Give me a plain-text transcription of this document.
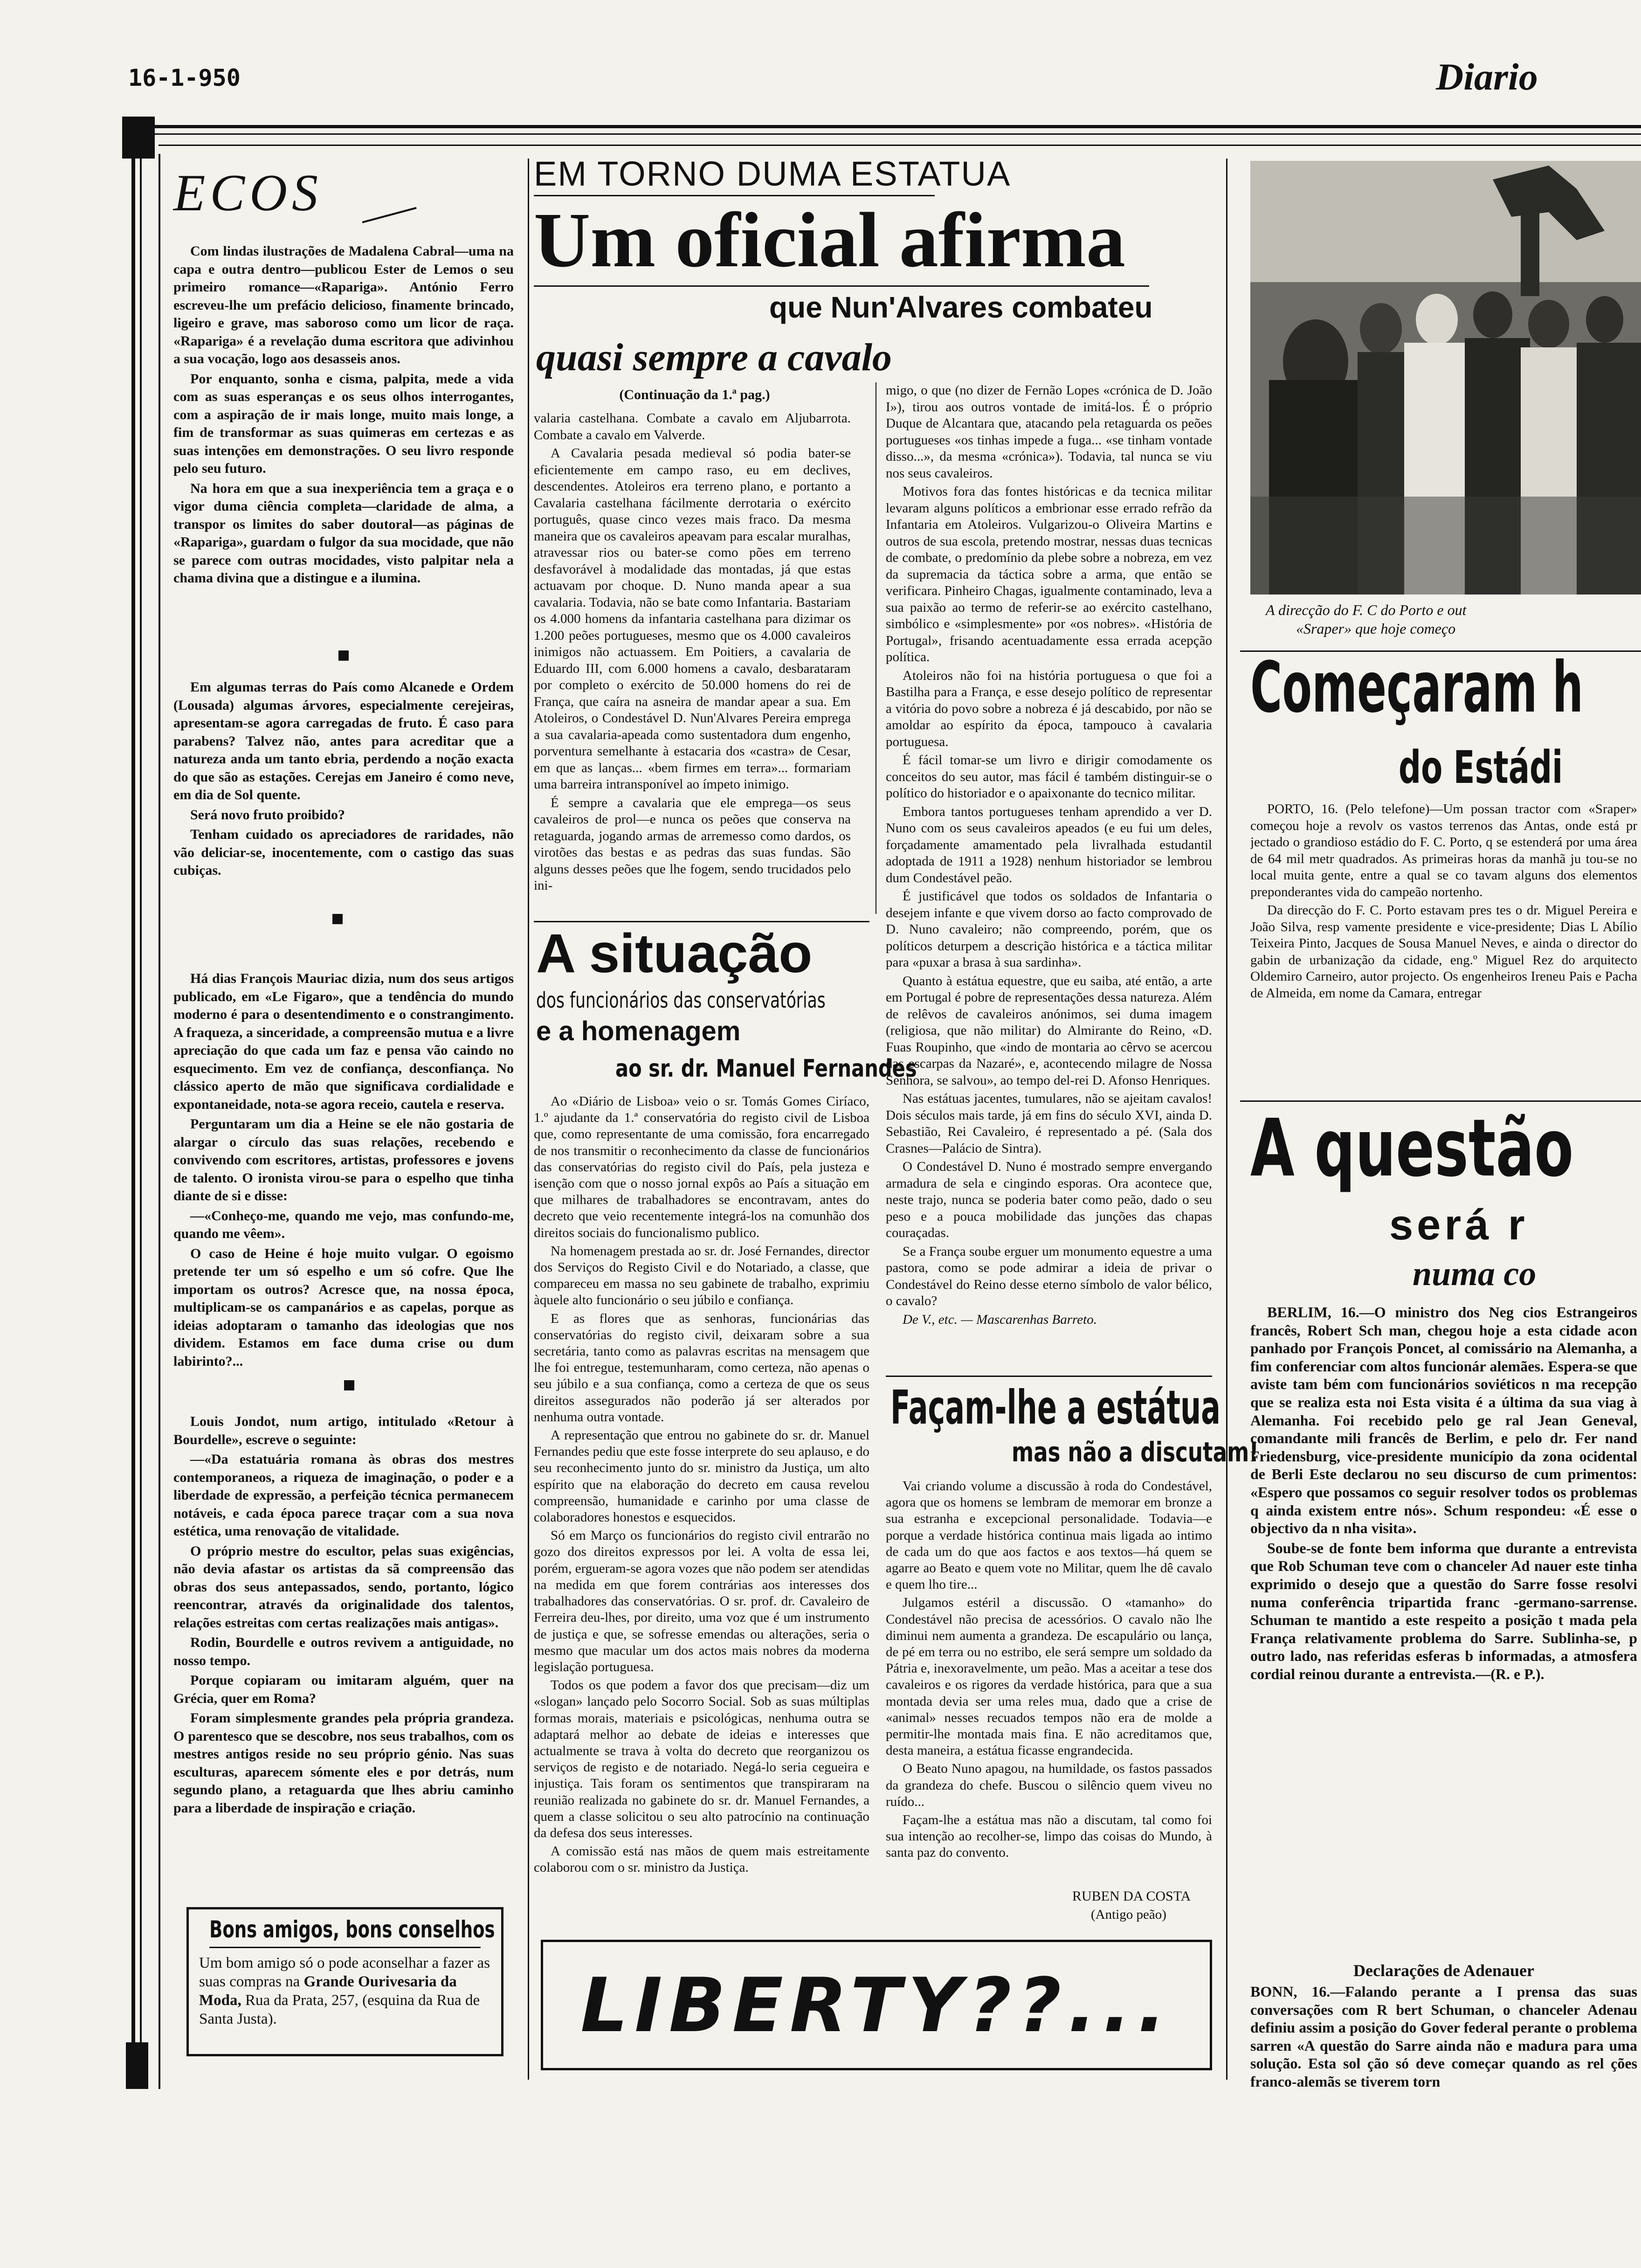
16-1-950	Diario
ECOS

Com lindas ilustrações de Madalena Cabral—uma na capa e outra dentro—publicou Ester de Lemos o seu primeiro romance—«Rapariga». António Ferro escreveu-lhe um prefácio delicioso, finamente brincado, ligeiro e grave, mas saboroso como um licor de raça. «Rapariga» é a revelação duma escritora que adivinhou a sua vocação, logo aos desasseis anos.

Por enquanto, sonha e cisma, palpita, mede a vida com as suas esperanças e os seus olhos interrogantes, com a aspiração de ir mais longe, muito mais longe, a fim de transformar as suas quimeras em certezas e as suas intenções em demonstrações. O seu livro responde pelo seu futuro.

Na hora em que a sua inexperiência tem a graça e o vigor duma ciência completa—claridade de alma, a transpor os limites do saber doutoral—as páginas de «Rapariga», guardam o fulgor da sua mocidade, que não se parece com outras mocidades, visto palpitar nela a chama divina que a distingue e a ilumina.

Em algumas terras do País como Alcanede e Ordem (Lousada) algumas árvores, especialmente cerejeiras, apresentam-se agora carregadas de fruto. É caso para parabens? Talvez não, antes para acreditar que a natureza anda um tanto ebria, perdendo a noção exacta do que são as estações. Cerejas em Janeiro é como neve, em dia de Sol quente.

Será novo fruto proibido?

Tenham cuidado os apreciadores de raridades, não vão deliciar-se, inocentemente, com o castigo das suas cubiças.

Há dias François Mauriac dizia, num dos seus artigos publicado, em «Le Figaro», que a tendência do mundo moderno é para o desentendimento e o constrangimento. A fraqueza, a sinceridade, a compreensão mutua e a livre apreciação do que cada um faz e pensa vão caindo no esquecimento. Em vez de confiança, desconfiança. No clássico aperto de mão que significava cordialidade e expontaneidade, nota-se agora receio, cautela e reserva.

Perguntaram um dia a Heine se ele não gostaria de alargar o círculo das suas relações, recebendo e convivendo com escritores, artistas, professores e jovens de talento. O ironista virou-se para o espelho que tinha diante de si e disse:

—«Conheço-me, quando me vejo, mas confundo-me, quando me vêem».

O caso de Heine é hoje muito vulgar. O egoismo pretende ter um só espelho e um só cofre. Que lhe importam os outros? Acresce que, na nossa época, multiplicam-se os campanários e as capelas, porque as ideias adoptaram o tamanho das ideologias que nos dividem. Estamos em face duma crise ou dum labirinto?...

Louis Jondot, num artigo, intitulado «Retour à Bourdelle», escreve o seguinte:

—«Da estatuária romana às obras dos mestres contemporaneos, a riqueza de imaginação, o poder e a liberdade de expressão, a perfeição técnica permanecem notáveis, e cada época parece traçar com a sua nova estética, uma renovação de vitalidade.

O próprio mestre do escultor, pelas suas exigências, não devia afastar os artistas da sã compreensão das obras dos seus antepassados, sendo, portanto, lógico reencontrar, através da originalidade dos talentos, relações estreitas com certas realizações mais antigas».

Rodin, Bourdelle e outros revivem a antiguidade, no nosso tempo.

Porque copiaram ou imitaram alguém, quer na Grécia, quer em Roma?

Foram simplesmente grandes pela própria grandeza. O parentesco que se descobre, nos seus trabalhos, com os mestres antigos reside no seu próprio génio. Nas suas esculturas, aparecem sómente eles e por detrás, num segundo plano, a retaguarda que lhes abriu caminho para a liberdade de inspiração e criação.

Bons amigos, bons conselhos
Um bom amigo só o pode aconselhar a fazer as suas compras na Grande Ourivesaria da Moda, Rua da Prata, 257, (esquina da Rua de Santa Justa).
EM TORNO DUMA ESTATUA
Um oficial afirma
que Nun'Alvares combateu
quasi sempre a cavalo
(Continuação da 1.ª pag.)

valaria castelhana. Combate a cavalo em Aljubarrota. Combate a cavalo em Valverde.

A Cavalaria pesada medieval só podia bater-se eficientemente em campo raso, eu em declives, descendentes. Atoleiros era terreno plano, e portanto a Cavalaria castelhana fácilmente derrotaria o exército português, quase cinco vezes mais fraco. Da mesma maneira que os cavaleiros apeavam para escalar muralhas, atravessar rios ou bater-se como pões em terreno desfavorável à modalidade das montadas, já que estas actuavam por choque. D. Nuno manda apear a sua cavalaria. Todavia, não se bate como Infantaria. Bastariam os 4.000 homens da infantaria castelhana para dizimar os 1.200 peões portugueses, mesmo que os 4.000 cavaleiros inimigos não actuassem. Em Poitiers, a cavalaria de Eduardo III, com 6.000 homens a cavalo, desbarataram por completo o exército de 50.000 homens do rei de França, que caíra na asneira de mandar apear a sua. Em Atoleiros, o Condestável D. Nun'Alvares Pereira emprega a sua cavalaria-apeada como sustentadora dum engenho, porventura semelhante à estacaria dos «castra» de Cesar, em que as lanças... «bem firmes em terra»... formariam uma barreira intransponível ao ímpeto inimigo.

É sempre a cavalaria que ele emprega—os seus cavaleiros de prol—e nunca os peões que conserva na retaguarda, jogando armas de arremesso como dardos, os virotões das bestas e as pedras das suas fundas. São alguns desses peões que lhe fogem, sendo trucidados pelo ini-

migo, o que (no dizer de Fernão Lopes «crónica de D. João I»), tirou aos outros vontade de imitá-los. É o próprio Duque de Alcantara que, atacando pela retaguarda os peões portugueses «os tinhas impede a fuga... «se tinham vontade disso...», da mesma «crónica»). Todavia, tal nunca se viu nos seus cavaleiros.

Motivos fora das fontes históricas e da tecnica militar levaram alguns políticos a embrionar esse errado refrão da Infantaria em Atoleiros. Vulgarizou-o Oliveira Martins e outros de sua escola, pretendo mostrar, nessas duas tecnicas de combate, o predomínio da plebe sobre a nobreza, em vez da supremacia da táctica sobre a arma, que então se verificara. Pinheiro Chagas, igualmente contaminado, leva a sua paixão ao termo de referir-se ao exército castelhano, simbólico e «simplesmente» por «os nobres». «História de Portugal», frisando acentuadamente essa errada acepção política.

Atoleiros não foi na história portuguesa o que foi a Bastilha para a França, e esse desejo político de representar a vitória do povo sobre a nobreza é já descabido, por não se amoldar ao espírito da época, tampouco à cavalaria portuguesa.

É fácil tomar-se um livro e dirigir comodamente os conceitos do seu autor, mas fácil é também distinguir-se o político do historiador e o apaixonante do tecnico militar.

Embora tantos portugueses tenham aprendido a ver D. Nuno com os seus cavaleiros apeados (e eu fui um deles, forçadamente amamentado pela livralhada estudantil adoptada de 1911 a 1928) nenhum historiador se lembrou dum Condestável peão.

É justificável que todos os soldados de Infantaria o desejem infante e que vivem dorso ao facto comprovado de D. Nuno cavaleiro; não compreendo, porém, que os políticos deturpem a descrição histórica e a táctica militar para «puxar a brasa à sua sardinha».

Quanto à estátua equestre, que eu saiba, até então, a arte em Portugal é pobre de representações dessa natureza. Além de relêvos de cavaleiros anónimos, sei duma imagem (religiosa, que não militar) do Almirante do Reino, «D. Fuas Roupinho, que «indo de montaria ao cêrvo se acercou das escarpas da Nazaré», e, acontecendo milagre de Nossa Senhora, se salvou», ao tempo del-rei D. Afonso Henriques.

Nas estátuas jacentes, tumulares, não se ajeitam cavalos! Dois séculos mais tarde, já em fins do século XVI, ainda D. Sebastião, Rei Cavaleiro, é representado a pé. (Sala dos Crasnes—Palácio de Sintra).

O Condestável D. Nuno é mostrado sempre envergando armadura de sela e cingindo esporas. Ora acontece que, neste trajo, nunca se poderia bater como peão, dado o seu peso e a pouca mobilidade das junções das chapas couraçadas.

Se a França soube erguer um monumento equestre a uma pastora, como se pode admirar a ideia de privar o Condestável do Reino desse eterno símbolo de valor bélico, o cavalo?

De V., etc. — Mascarenhas Barreto.

A situação
dos funcionários das conservatórias
e a homenagem
ao sr. dr. Manuel Fernandes

Ao «Diário de Lisboa» veio o sr. Tomás Gomes Ciríaco, 1.º ajudante da 1.ª conservatória do registo civil de Lisboa que, como representante de uma comissão, fora encarregado de nos transmitir o reconhecimento da classe de funcionários das conservatórias do registo civil do País, pela justeza e isenção com que o nosso jornal expôs ao País a situação em que milhares de trabalhadores se encontravam, antes do decreto que veio recentemente integrá-los na comunhão dos direitos sociais do funcionalismo publico.

Na homenagem prestada ao sr. dr. José Fernandes, director dos Serviços do Registo Civil e do Notariado, a classe, que compareceu em massa no seu gabinete de trabalho, exprimiu àquele alto funcionário o seu júbilo e confiança.

E as flores que as senhoras, funcionárias das conservatórias do registo civil, deixaram sobre a sua secretária, tanto como as palavras escritas na mensagem que lhe foi entregue, testemunharam, como certeza, não apenas o seu júbilo e a sua confiança, como a certeza de que os seus direitos assegurados não poderão já ser alterados por nenhuma outra vontade.

A representação que entrou no gabinete do sr. dr. Manuel Fernandes pediu que este fosse interprete do seu aplauso, e do seu reconhecimento junto do sr. ministro da Justiça, um alto espírito que na elaboração do decreto em causa revelou compreensão, humanidade e carinho por uma classe de colaboradores honestos e esquecidos.

Só em Março os funcionários do registo civil entrarão no gozo dos direitos expressos por lei. A volta de essa lei, porém, ergueram-se agora vozes que não podem ser atendidas na medida em que forem contrárias aos interesses dos trabalhadores das conservatórias. O sr. prof. dr. Cavaleiro de Ferreira deu-lhes, por direito, uma voz que é um instrumento de justiça e que, se sofresse emendas ou alterações, seria o mesmo que macular um dos actos mais nobres da moderna legislação portuguesa.

Todos os que podem a favor dos que precisam—diz um «slogan» lançado pelo Socorro Social. Sob as suas múltiplas formas morais, materiais e psicológicas, nenhuma outra se adaptará melhor ao debate de ideias e interesses que actualmente se trava à volta do decreto que reorganizou os serviços de registo e de notariado. Negá-lo seria cegueira e injustiça. Tais foram os sentimentos que transpiraram na reunião realizada no gabinete do sr. dr. Manuel Fernandes, a quem a classe solicitou o seu alto patrocínio na continuação da defesa dos seus interesses.

A comissão está nas mãos de quem mais estreitamente colaborou com o sr. ministro da Justiça.

Façam-lhe a estátua
mas não a discutam!

Vai criando volume a discussão à roda do Condestável, agora que os homens se lembram de memorar em bronze a sua estranha e excepcional personalidade. Todavia—e porque a verdade histórica continua mais ligada ao intimo de cada um do que aos factos e aos textos—há quem se agarre ao Beato e quem vote no Militar, quem lhe dê cavalo e quem lho tire...

Julgamos estéril a discussão. O «tamanho» do Condestável não precisa de acessórios. O cavalo não lhe diminui nem aumenta a grandeza. De escapulário ou lança, de pé em terra ou no estribo, ele será sempre um soldado da Pátria e, inexoravelmente, um peão. Mas a aceitar a tese dos cavaleiros e os rigores da verdade histórica, para que a sua montada devia ser uma reles mua, dado que a crise de «animal» nesses recuados tempos não era de molde a permitir-lhe montada mais fina. E não acreditamos que, desta maneira, a estátua ficasse engrandecida.

O Beato Nuno apagou, na humildade, os fastos passados da grandeza do chefe. Buscou o silêncio quem viveu no ruído...

Façam-lhe a estátua mas não a discutam, tal como foi sua intenção ao recolher-se, limpo das coisas do Mundo, à santa paz do convento.

RUBEN DA COSTA
(Antigo peão)
LIBERTY??...
A direcção do F. C do Porto e out
«Sraper» que hoje começo
Começaram h
do Estádi

PORTO, 16. (Pelo telefone)—Um possan tractor com «Sraper» começou hoje a revolv os vastos terrenos das Antas, onde está pr jectado o grandioso estádio do F. C. Porto, q se estenderá por uma área de 64 mil metr quadrados. As primeiras horas da manhã ju tou-se no local muita gente, entre a qual se co tavam alguns dos elementos preponderantes vida do campeão nortenho.

Da direcção do F. C. Porto estavam pres tes o dr. Miguel Pereira e João Silva, resp vamente presidente e vice-presidente; Dias L Abílio Teixeira Pinto, Jacques de Sousa Manuel Neves, e ainda o director do gabin de urbanização da cidade, eng.º Miguel Rez do arquitecto Oldemiro Carneiro, autor projecto. Os engenheiros Ireneu Pais e Pacha de Almeida, em nome da Camara, entregar

A questão
será r
numa co

BERLIM, 16.—O ministro dos Neg cios Estrangeiros francês, Robert Sch man, chegou hoje a esta cidade acon panhado por François Poncet, al comissário na Alemanha, a fim conferenciar com altos funcionár alemães. Espera-se que aviste tam bém com funcionários soviéticos n ma recepção que se realiza esta noi Esta visita é a última da sua viag à Alemanha. Foi recebido pelo ge ral Jean Geneval, comandante mili francês de Berlim, e pelo dr. Fer nand Friedensburg, vice-presidente município da zona ocidental de Berli Este declarou no seu discurso de cum primentos: «Espero que possamos co seguir resolver todos os problemas q ainda existem entre nós». Schum respondeu: «É esse o objectivo da n nha visita».

Soube-se de fonte bem informa que durante a entrevista que Rob Schuman teve com o chanceler Ad nauer este tinha exprimido o desejo que a questão do Sarre fosse resolvi numa conferência tripartida franc -germano-sarrense. Schuman te mantido a este respeito a posição t mada pela França relativamente problema do Sarre. Sublinha-se, p outro lado, nas referidas esferas b informadas, a atmosfera cordial reinou durante a entrevista.—(R. e P.).

Declarações de Adenauer
BONN, 16.—Falando perante a I prensa das suas conversações com R bert Schuman, o chanceler Adenau definiu assim a posição do Gover federal perante o problema sarren «A questão do Sarre ainda não e madura para uma solução. Esta sol ção só deve começar quando as rel ções franco-alemãs se tiverem torn
